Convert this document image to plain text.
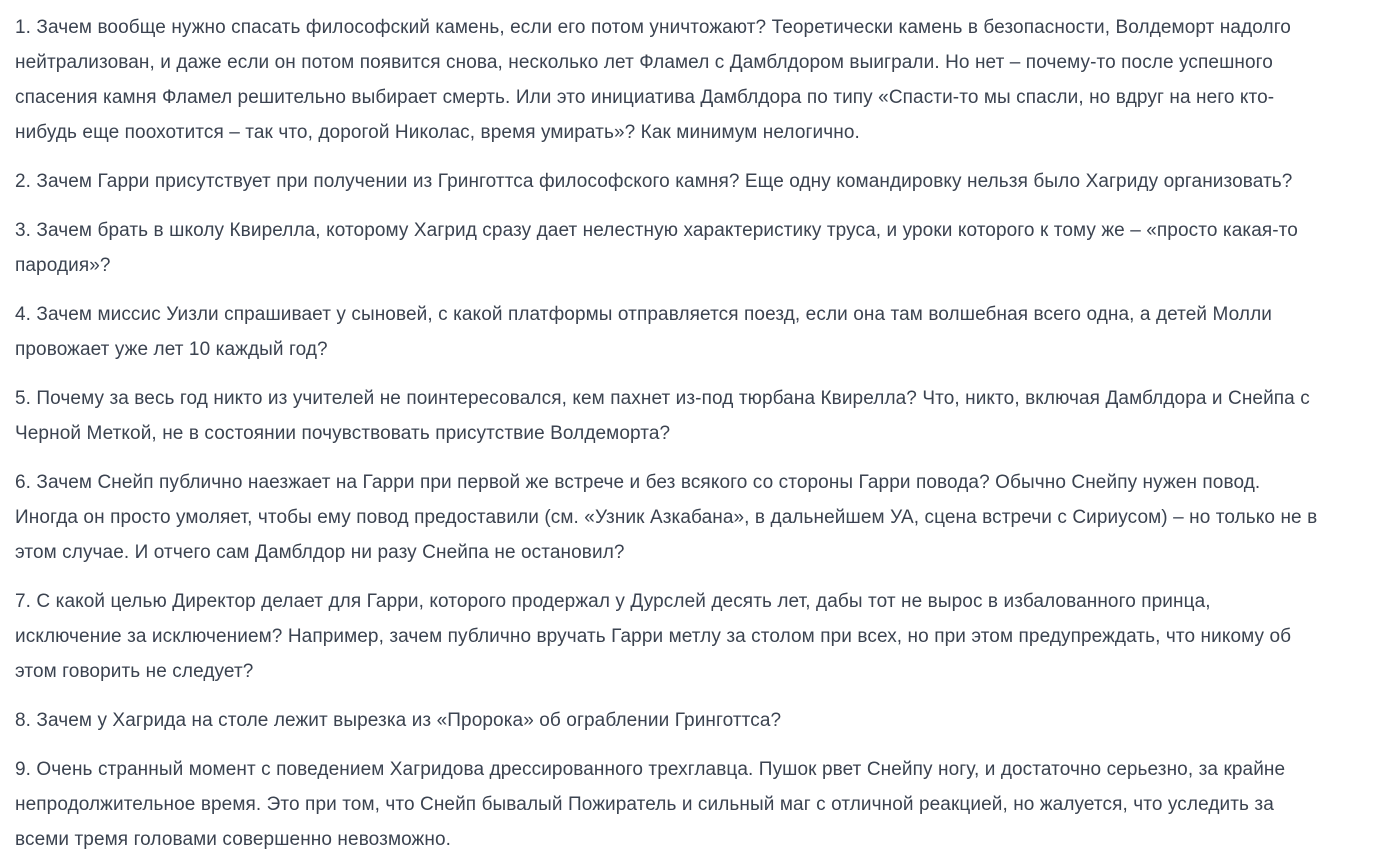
1. Зачем вообще нужно спасать философский камень, если его потом уничтожают? Теоретически камень в безопасности, Волдеморт надолго
нейтрализован, и даже если он потом появится снова, несколько лет Фламел с Дамблдором выиграли. Но нет – почему-то после успешного
спасения камня Фламел решительно выбирает смерть. Или это инициатива Дамблдора по типу «Спасти-то мы спасли, но вдруг на него кто-
нибудь еще поохотится – так что, дорогой Николас, время умирать»? Как минимум нелогично.

2. Зачем Гарри присутствует при получении из Гринготтса философского камня? Еще одну командировку нельзя было Хагриду организовать?

3. Зачем брать в школу Квирелла, которому Хагрид сразу дает нелестную характеристику труса, и уроки которого к тому же – «просто какая-то
пародия»?

4. Зачем миссис Уизли спрашивает у сыновей, с какой платформы отправляется поезд, если она там волшебная всего одна, а детей Молли
провожает уже лет 10 каждый год?

5. Почему за весь год никто из учителей не поинтересовался, кем пахнет из-под тюрбана Квирелла? Что, никто, включая Дамблдора и Снейпа с
Черной Меткой, не в состоянии почувствовать присутствие Волдеморта?

6. Зачем Снейп публично наезжает на Гарри при первой же встрече и без всякого со стороны Гарри повода? Обычно Снейпу нужен повод.
Иногда он просто умоляет, чтобы ему повод предоставили (см. «Узник Азкабана», в дальнейшем УА, сцена встречи с Сириусом) – но только не в
этом случае. И отчего сам Дамблдор ни разу Снейпа не остановил?

7. С какой целью Директор делает для Гарри, которого продержал у Дурслей десять лет, дабы тот не вырос в избалованного принца,
исключение за исключением? Например, зачем публично вручать Гарри метлу за столом при всех, но при этом предупреждать, что никому об
этом говорить не следует?

8. Зачем у Хагрида на столе лежит вырезка из «Пророка» об ограблении Гринготтса?

9. Очень странный момент с поведением Хагридова дрессированного трехглавца. Пушок рвет Снейпу ногу, и достаточно серьезно, за крайне
непродолжительное время. Это при том, что Снейп бывалый Пожиратель и сильный маг с отличной реакцией, но жалуется, что уследить за
всеми тремя головами совершенно невозможно.
